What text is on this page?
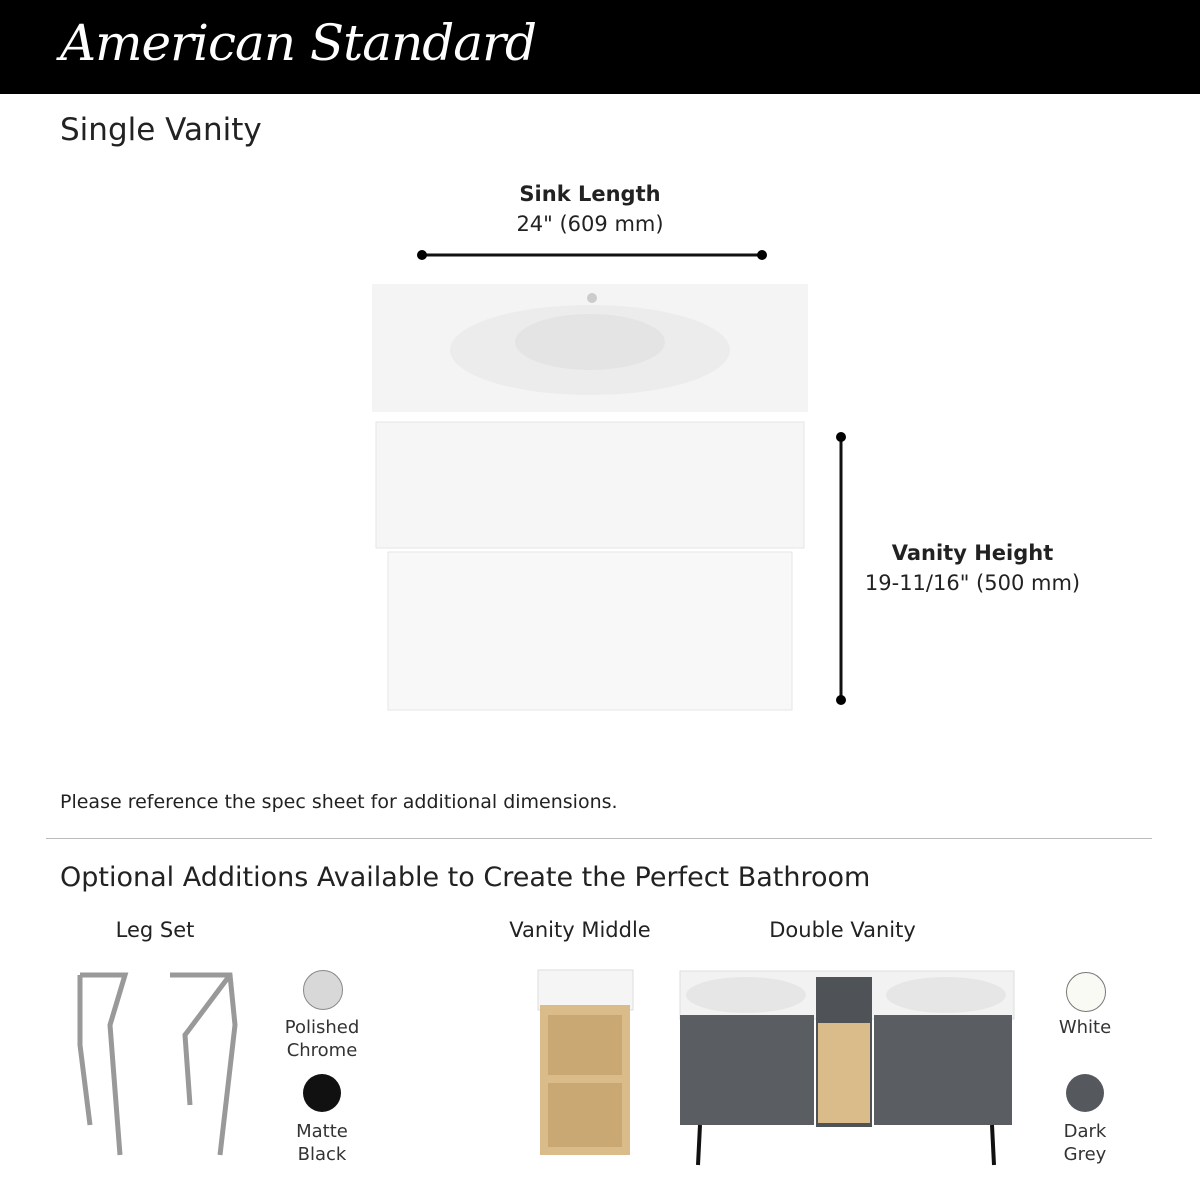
American Standard
Single Vanity
Sink Length
24" (609 mm)
Vanity Height
19-11/16" (500 mm)
Please reference the spec sheet for additional dimensions.
Optional Additions Available to Create the Perfect Bathroom
Leg Set	Vanity Middle	Double Vanity
Polished
Chrome
Matte
Black
White
Dark
Grey
